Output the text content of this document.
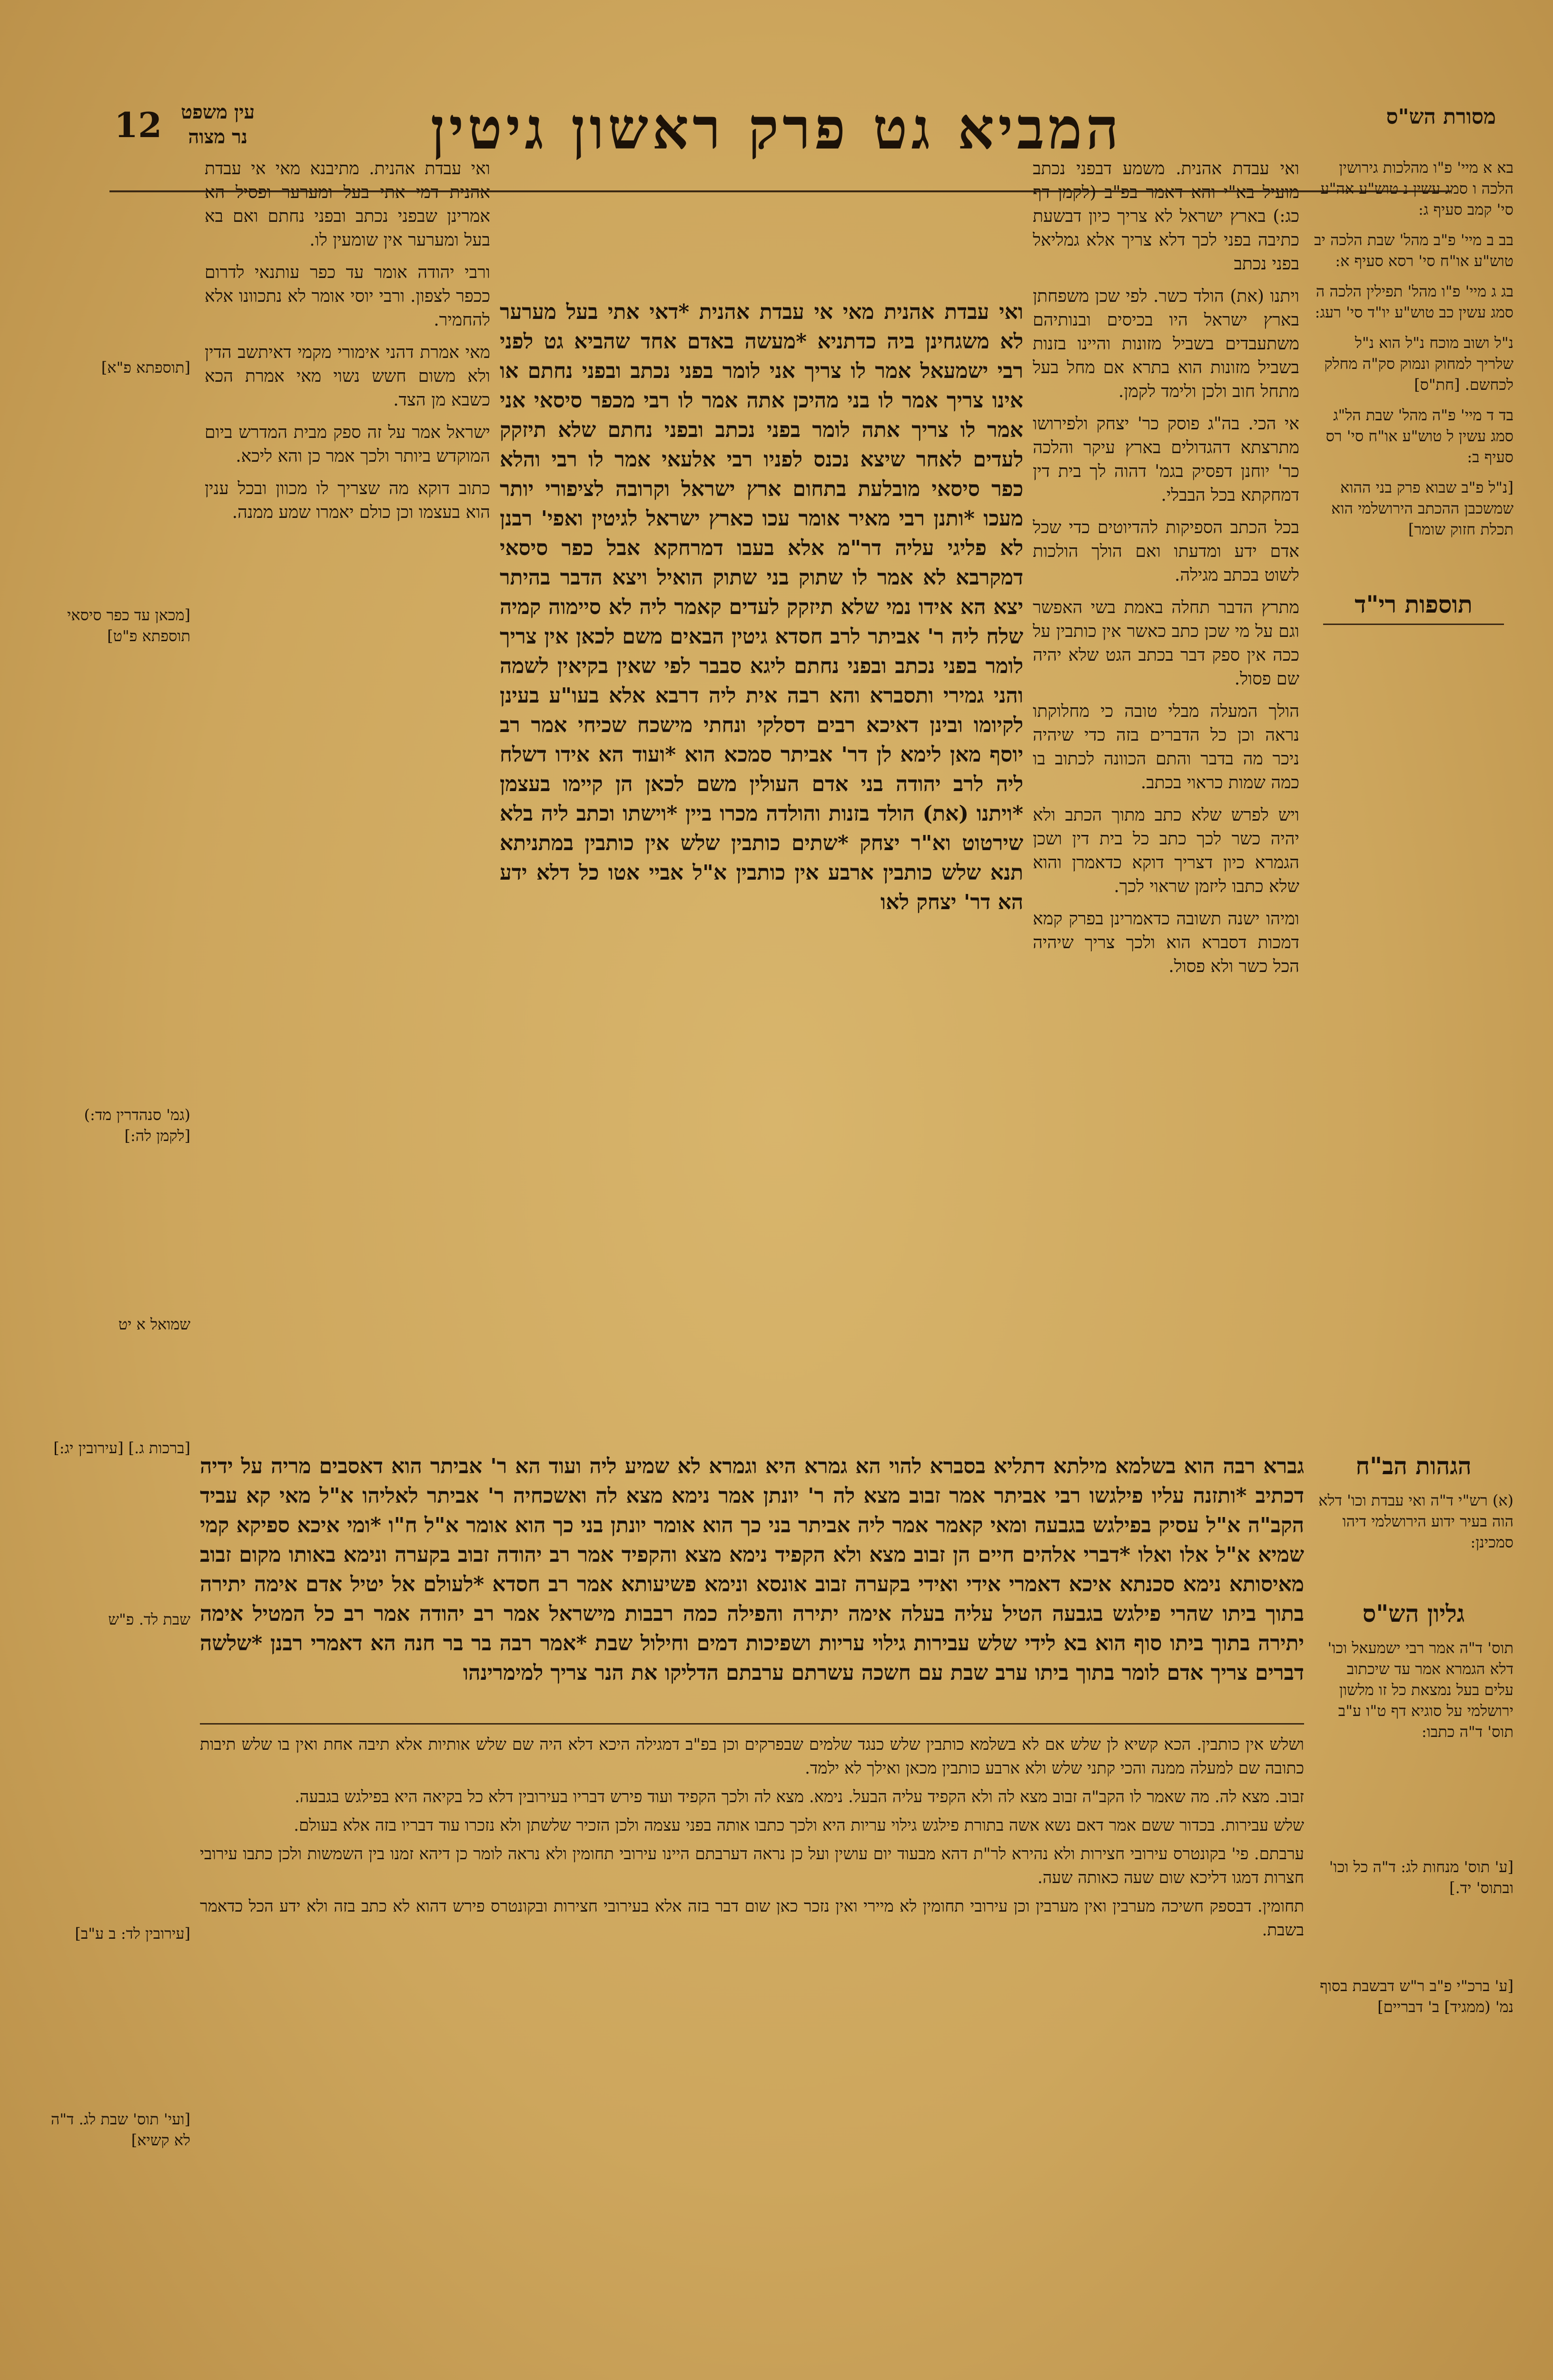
12	המביא גט פרק ראשון גיטין	מסורת הש"ס
עין משפט
נר מצוה

ואי עבדת אהנית. משמע דבפני נכתב מועיל בא"י והא דאמר בפ"ב (לקמן דף כג:) בארץ ישראל לא צריך כיון דבשעת כתיבה בפני לכך דלא צריך אלא גמליאל בפני נכתב

ויתנו (את) הולד כשר. לפי שכן משפחתן בארץ ישראל היו בכיסים ובנותיהם משתעבדים בשביל מזונות והיינו בזנות בשביל מזונות הוא בתרא אם מחל בעל מתחל חוב ולכן ולימד לקמן.

אי הכי. בה"ג פוסק כר' יצחק ולפירושו מתרצתא דהגדולים בארץ עיקר והלכה כר' יוחנן דפסיק בגמ' דהוה לך בית דין דמחקתא בכל הבבלי.

בכל הכתב הספיקות להדיוטים כדי שכל אדם ידע ומדעתו ואם הולך הולכות לשוט בכתב מגילה.

מתרץ הדבר תחלה באמת בשי האפשר וגם על מי שכן כתב כאשר אין כותבין על ככה אין ספק דבר בכתב הגט שלא יהיה שם פסול.

הולך המעלה מבלי טובה כי מחלוקתו נראה וכן כל הדברים בזה כדי שיהיה ניכר מה בדבר והתם הכוונה לכתוב בו כמה שמות כראוי בכתב.

ויש לפרש שלא כתב מתוך הכתב ולא יהיה כשר לכך כתב כל בית דין ושכן הגמרא כיון דצריך דוקא כדאמרן והוא שלא כתבו ליזמן שראוי לכך.

ומיהו ישנה תשובה כדאמרינן בפרק קמא דמכות דסברא הוא ולכך צריך שיהיה הכל כשר ולא פסול.

ואי עבדת אהנית מאי אי עבדת אהנית *דאי אתי בעל מערער לא משגחינן ביה כדתניא *מעשה באדם אחד שהביא גט לפני רבי ישמעאל אמר לו צריך אני לומר בפני נכתב ובפני נחתם או אינו צריך אמר לו בני מהיכן אתה אמר לו רבי מכפר סיסאי אני אמר לו צריך אתה לומר בפני נכתב ובפני נחתם שלא תיזקק לעדים לאחר שיצא נכנס לפניו רבי אלעאי אמר לו רבי והלא כפר סיסאי מובלעת בתחום ארץ ישראל וקרובה לציפורי יותר מעכו *ותנן רבי מאיר אומר עכו כארץ ישראל לגיטין ואפי' רבנן לא פליגי עליה דר"מ אלא בעבו דמרחקא אבל כפר סיסאי דמקרבא לא אמר לו שתוק בני שתוק הואיל ויצא הדבר בהיתר יצא הא אידו נמי שלא תיזקק לעדים קאמר ליה לא סיימוה קמיה שלח ליה ר' אביתר לרב חסדא גיטין הבאים משם לכאן אין צריך לומר בפני נכתב ובפני נחתם ליגא סבבר לפי שאין בקיאין לשמה והני גמירי ותסברא והא רבה אית ליה דרבא אלא בעו"ע בעינן לקיומו ובינן דאיכא רבים דסלקי ונחתי מישכח שכיחי אמר רב יוסף מאן לימא לן דר' אביתר סמכא הוא *ועוד הא אידו דשלח ליה לרב יהודה בני אדם העולין משם לכאן הן קיימו בעצמן *ויתנו (את) הולד בזנות והולדה מכרו ביין *וישתו וכתב ליה בלא שירטוט וא"ר יצחק *שתים כותבין שלש אין כותבין במתניתא תנא שלש כותבין ארבע אין כותבין א"ל אביי אטו כל דלא ידע הא דר' יצחק לאו

ואי עבדת אהנית. מתיבנא מאי אי עבדת אהנית דמי אתי בעל ומערער ופסיל הא אמרינן שבפני נכתב ובפני נחתם ואם בא בעל ומערער אין שומעין לו.

ורבי יהודה אומר עד כפר עותנאי לדרום ככפר לצפון. ורבי יוסי אומר לא נתכוונו אלא להחמיר.

מאי אמרת דהני אימורי מקמי דאיתשב הדין ולא משום חשש נשוי מאי אמרת הכא כשבא מן הצד.

ישראל אמר על זה ספק מבית המדרש ביום המוקדש ביותר ולכך אמר כן והא ליכא.

כתוב דוקא מה שצריך לו מכוון ובכל ענין הוא בעצמו וכן כולם יאמרו שמע ממנה.

תוספות רי"ד

גברא רבה הוא בשלמא מילתא דתליא בסברא להוי הא גמרא היא וגמרא לא שמיע ליה ועוד הא ר' אביתר הוא דאסבים מריה על ידיה דכתיב *ותזנה עליו פילגשו רבי אביתר אמר זבוב מצא לה ר' יונתן אמר נימא מצא לה ואשכחיה ר' אביתר לאליהו א"ל מאי קא עביד הקב"ה א"ל עסיק בפילגש בגבעה ומאי קאמר אמר ליה אביתר בני כך הוא אומר יונתן בני כך הוא אומר א"ל ח"ו *ומי איכא ספיקא קמי שמיא א"ל אלו ואלו *דברי אלהים חיים הן זבוב מצא ולא הקפיד נימא מצא והקפיד אמר רב יהודה זבוב בקערה ונימא באותו מקום זבוב מאיסותא נימא סכנתא איכא דאמרי אידי ואידי בקערה זבוב אונסא ונימא פשיעותא אמר רב חסדא *לעולם אל יטיל אדם אימה יתירה בתוך ביתו שהרי פילגש בגבעה הטיל עליה בעלה אימה יתירה והפילה כמה רבבות מישראל אמר רב יהודה אמר רב כל המטיל אימה יתירה בתוך ביתו סוף הוא בא לידי שלש עבירות גילוי עריות ושפיכות דמים וחילול שבת *אמר רבה בר בר חנה הא דאמרי רבנן *שלשה דברים צריך אדם לומר בתוך ביתו ערב שבת עם חשכה עשרתם ערבתם הדליקו את הנר צריך למימרינהו

ושלש אין כותבין. הכא קשיא לן שלש אם לא בשלמא כותבין שלש כנגד שלמים שבפרקים וכן בפ"ב דמגילה היכא דלא היה שם שלש אותיות אלא תיבה אחת ואין בו שלש תיבות כתובה שם למעלה ממנה והכי קתני שלש ולא ארבע כותבין מכאן ואילך לא ילמד.

זבוב. מצא לה. מה שאמר לו הקב"ה זבוב מצא לה ולא הקפיד עליה הבעל. נימא. מצא לה ולכך הקפיד ועוד פירש דבריו בעירובין דלא כל בקיאה היא בפילגש בגבעה.

שלש עבירות. בכדור ששם אמר דאם נשא אשה בתורת פילגש גילוי עריות היא ולכך כתבו אותה בפני עצמה ולכן הזכיר שלשתן ולא נזכרו עוד דבריו בזה אלא בעולם.

ערבתם. פי' בקונטרס עירובי חצירות ולא נהירא לר"ת דהא מבעוד יום עושין ועל כן נראה דערבתם היינו עירובי תחומין ולא נראה לומר כן דיהא זמנו בין השמשות ולכן כתבו עירובי חצרות דמגו דליכא שום שעה כאותה שעה.

תחומין. דבספק חשיכה מערבין ואין מערבין וכן עירובי תחומין לא מיירי ואין נזכר כאן שום דבר בזה אלא בעירובי חצירות ובקונטרס פירש דהוא לא כתב בזה ולא ידע הכל כדאמר בשבת.

בא א מיי' פ"ו מהלכות גירושין הלכה ו סמג עשין נ טוש"ע אה"ע סי' קמב סעיף ג:
בב ב מיי' פ"ב מהל' שבת הלכה יב טוש"ע או"ח סי' רסא סעיף א:
בג ג מיי' פ"ו מהל' תפילין הלכה ה סמג עשין כב טוש"ע יו"ד סי' רעג:
נ"ל ושוב מוכח נ"ל הוא נ"ל שלריך למחוק ונמוק סק"ה מחלק לכחשם. [חת"ס]
בד ד מיי' פ"ה מהל' שבת הל"ג סמג עשין ל טוש"ע או"ח סי' רס סעיף ב:
[נ"ל פ"ב שבוא פרק בני ההוא שמשכבן ההכתב הירושלמי הוא תכלת חזוק שומר]
הגהות הב"ח
(א) רש"י ד"ה ואי עבדת וכו' דלא הוה בעיר ידוע הירושלמי דיהו סמכינן:
גליון הש"ס
תוס' ד"ה אמר רבי ישמעאל וכו' דלא הגמרא אמר עד שיכתוב עלים בעל נמצאת כל זו מלשון ירושלמי על סוגיא דף ט"ו ע"ב תוס' ד"ה כתבו:
[ע' תוס' מנחות לג: ד"ה כל וכו' ובתוס' יד.]
[ע' ברכ"י פ"ב ר"ש דבשבת בסוף נמ' (ממגיד] ב' דבריים]
[תוספתא פ"א]
[מכאן עד כפר סיסאי תוספתא פ"ט]
(גמ' סנהדרין מד:) [לקמן לה:]
שמואל א יט
[ברכות ג.] [עירובין יג:]
שבת לד. פ"ש
[עירובין לד: ב ע"ב]
[ועי' תוס' שבת לג. ד"ה לא קשיא]
